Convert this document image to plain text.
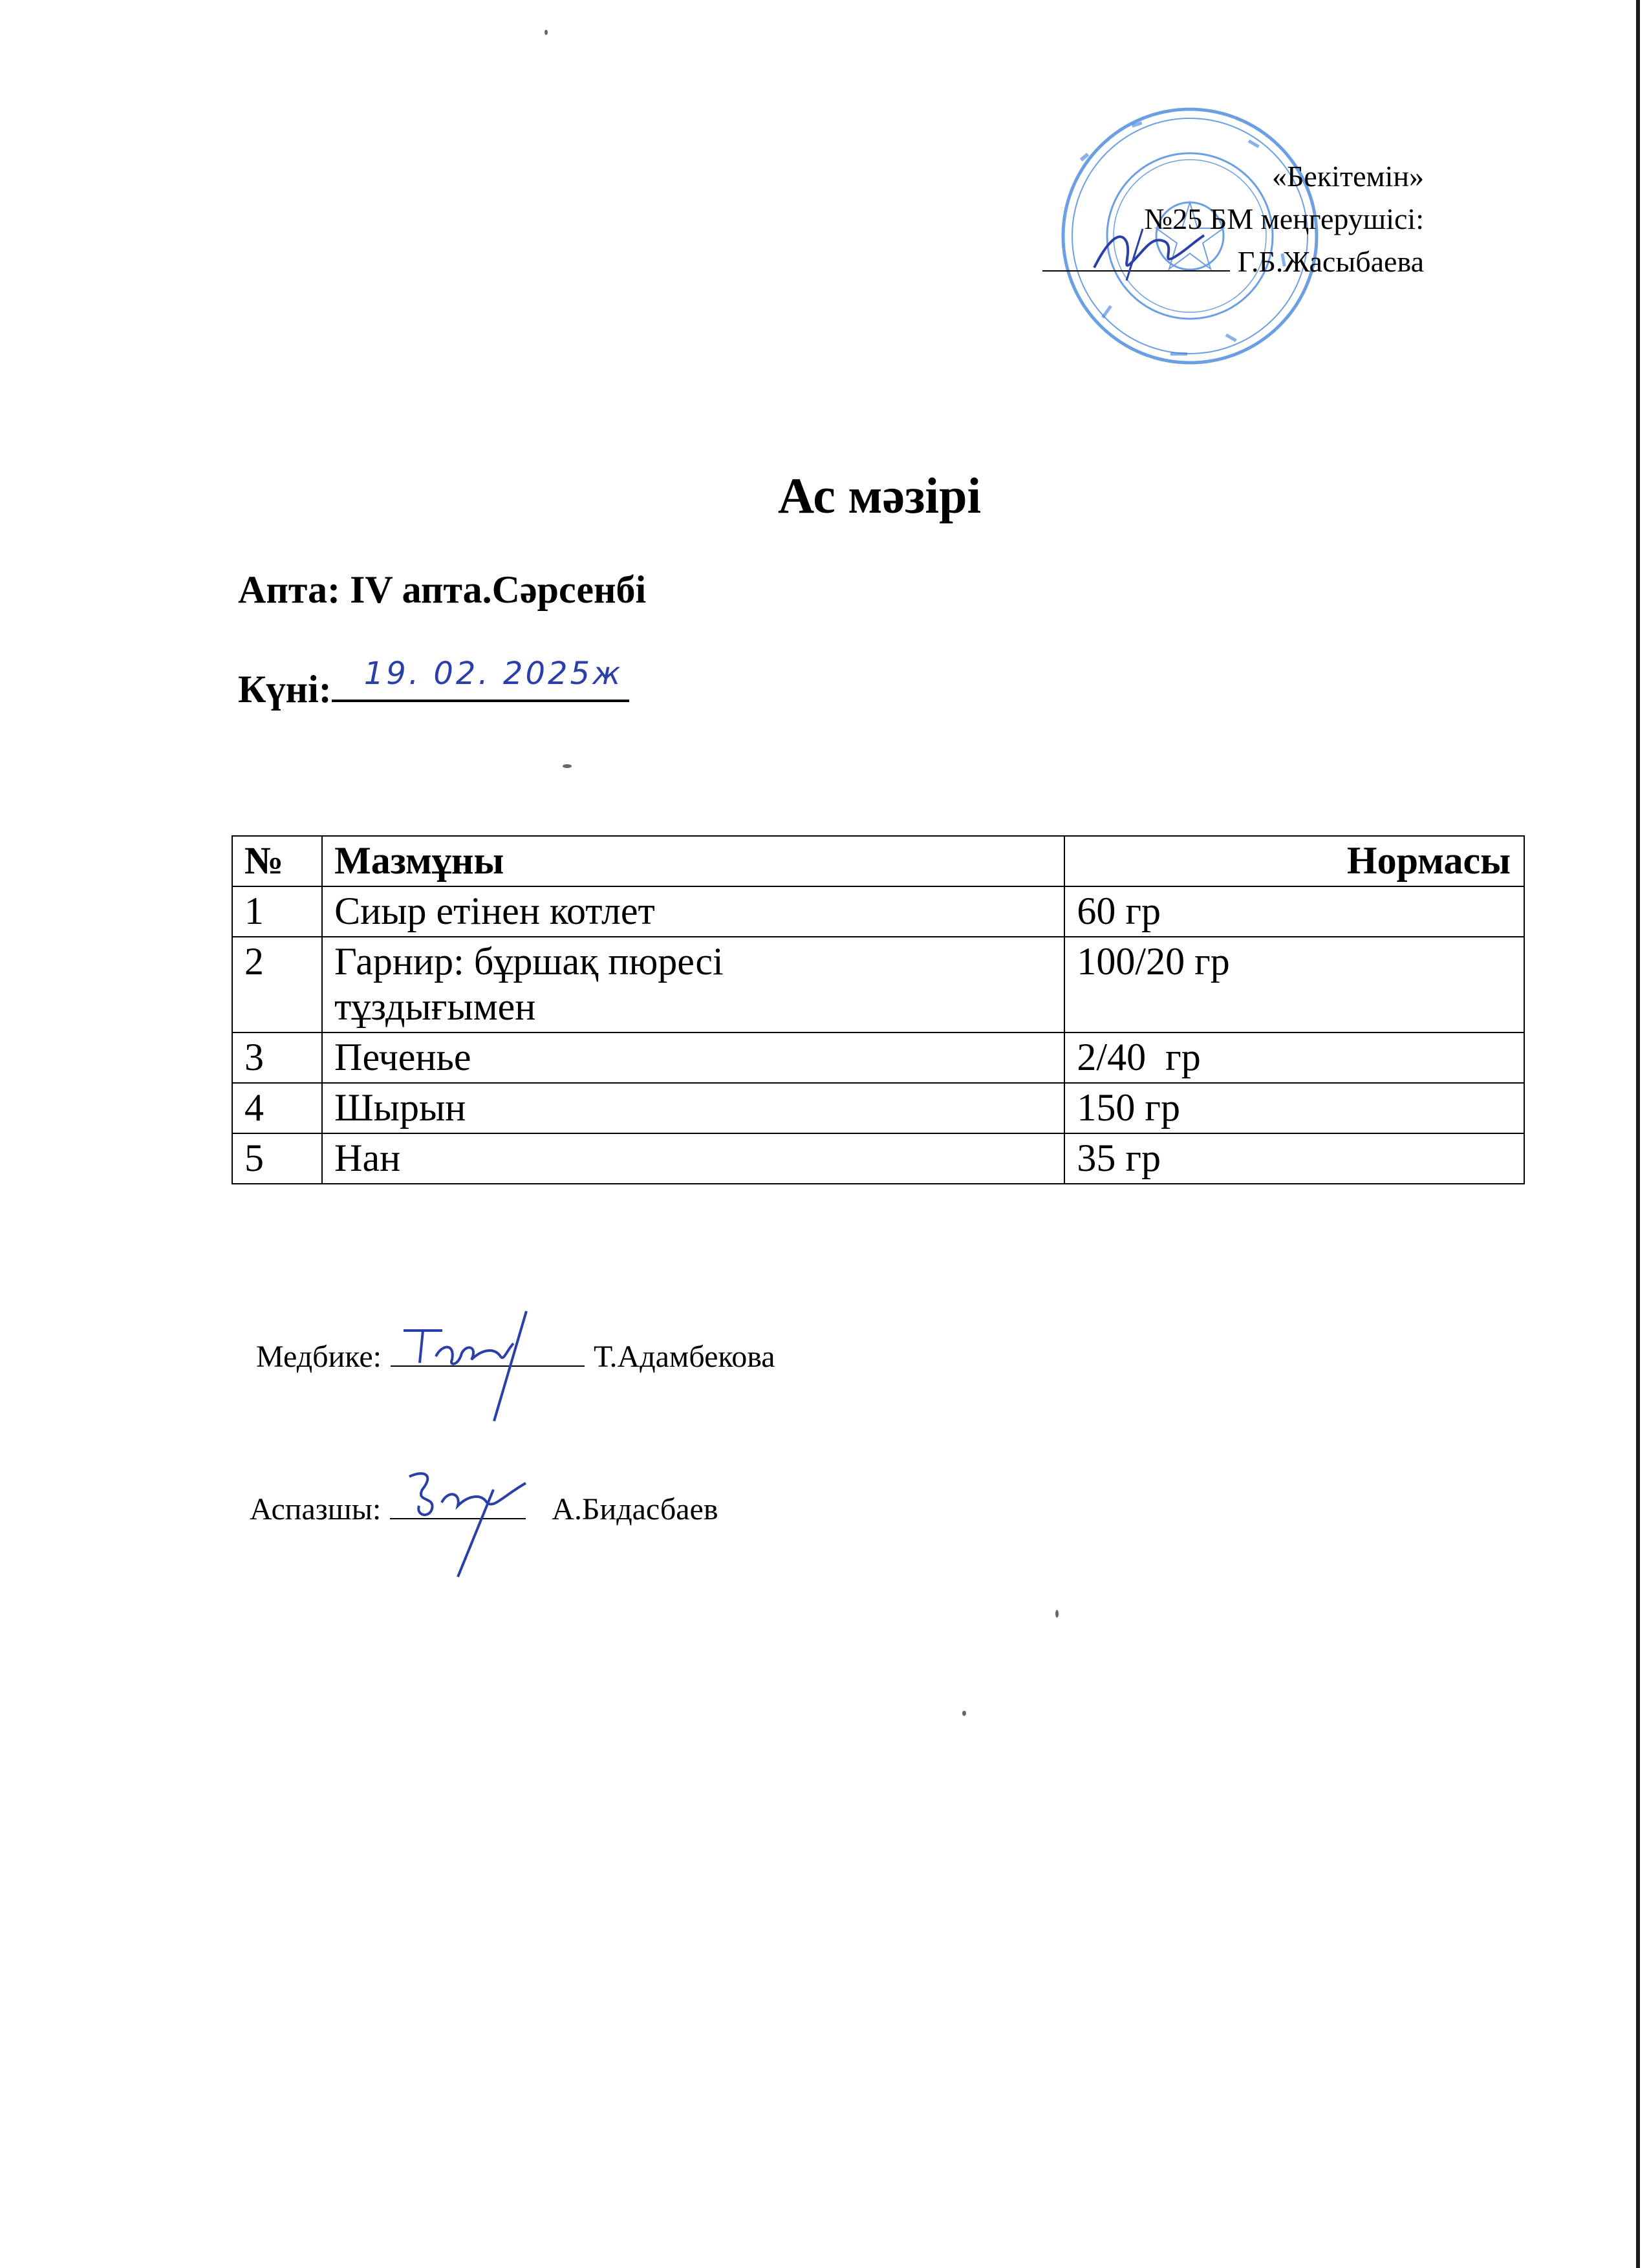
«Бекітемін»
№25 БМ меңгерушісі:
Г.Б.Жасыбаева
Ас мәзірі
Апта: IV апта.Сәрсенбі
Күні: 19. 02. 2025ж
№	Мазмұны	Нормасы
1	Сиыр етінен котлет	60 гр
2	Гарнир: бұршақ пюресі тұздығымен	100/20 гр
3	Печенье	2/40  гр
4	Шырын	150 гр
5	Нан	35 гр
Медбике:	Т.Адамбекова
Аспазшы:	А.Бидасбаев
